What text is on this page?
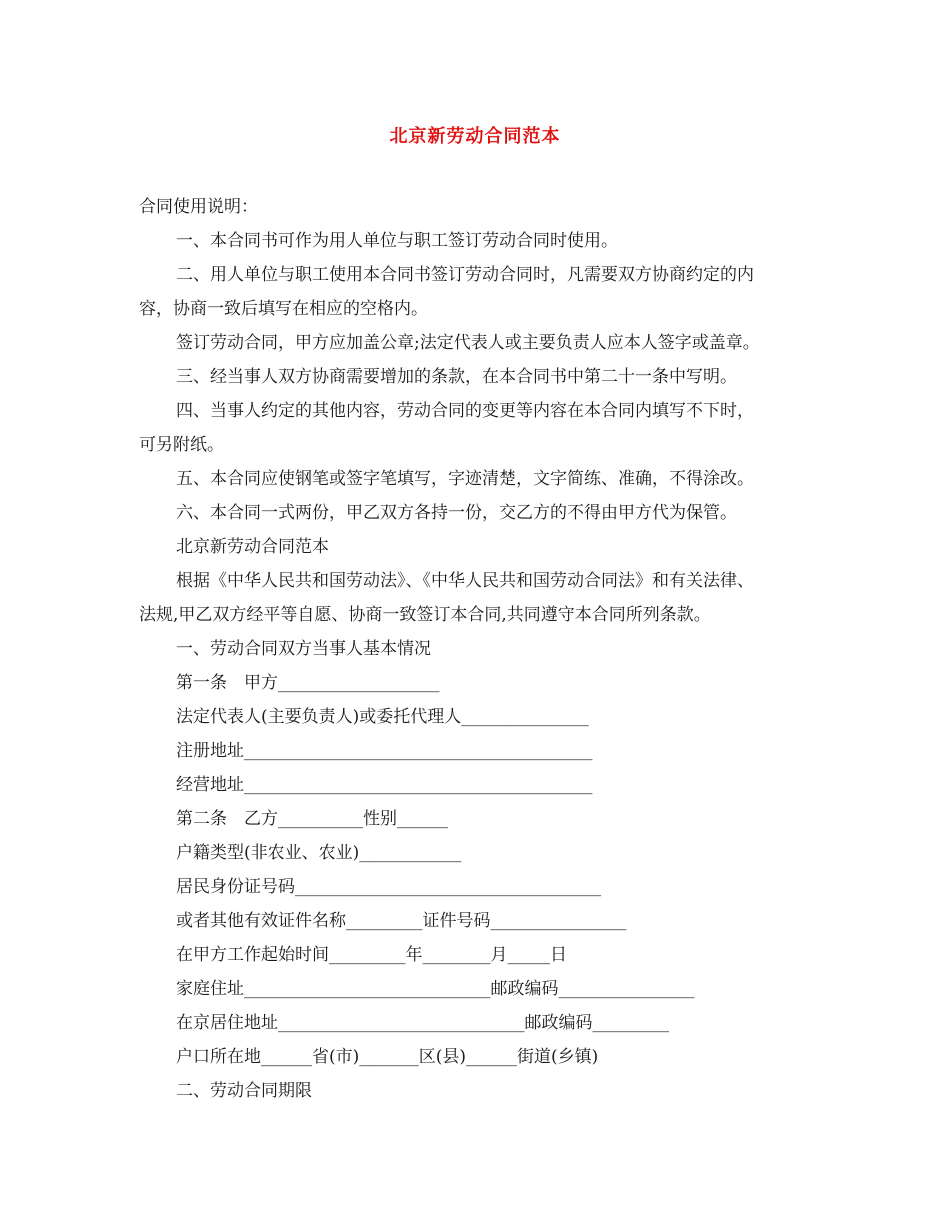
北京新劳动合同范本
合同使用说明：
一、本合同书可作为用人单位与职工签订劳动合同时使用。
二、用人单位与职工使用本合同书签订劳动合同时，凡需要双方协商约定的内
容，协商一致后填写在相应的空格内。
签订劳动合同，甲方应加盖公章;法定代表人或主要负责人应本人签字或盖章。
三、经当事人双方协商需要增加的条款，在本合同书中第二十一条中写明。
四、当事人约定的其他内容，劳动合同的变更等内容在本合同内填写不下时，
可另附纸。
五、本合同应使钢笔或签字笔填写，字迹清楚，文字简练、准确，不得涂改。
六、本合同一式两份，甲乙双方各持一份，交乙方的不得由甲方代为保管。
北京新劳动合同范本
根据《中华人民共和国劳动法》、《中华人民共和国劳动合同法》和有关法律、
法规,甲乙双方经平等自愿、协商一致签订本合同,共同遵守本合同所列条款。
一、劳动合同双方当事人基本情况
第一条　甲方___________________
法定代表人(主要负责人)或委托代理人_______________
注册地址_________________________________________
经营地址_________________________________________
第二条　乙方__________性别______
户籍类型(非农业、农业)____________
居民身份证号码____________________________________
或者其他有效证件名称_________证件号码________________
在甲方工作起始时间_________年________月_____日
家庭住址_____________________________邮政编码________________
在京居住地址_____________________________邮政编码_________
户口所在地______省(市)_______区(县)______街道(乡镇)
二、劳动合同期限
